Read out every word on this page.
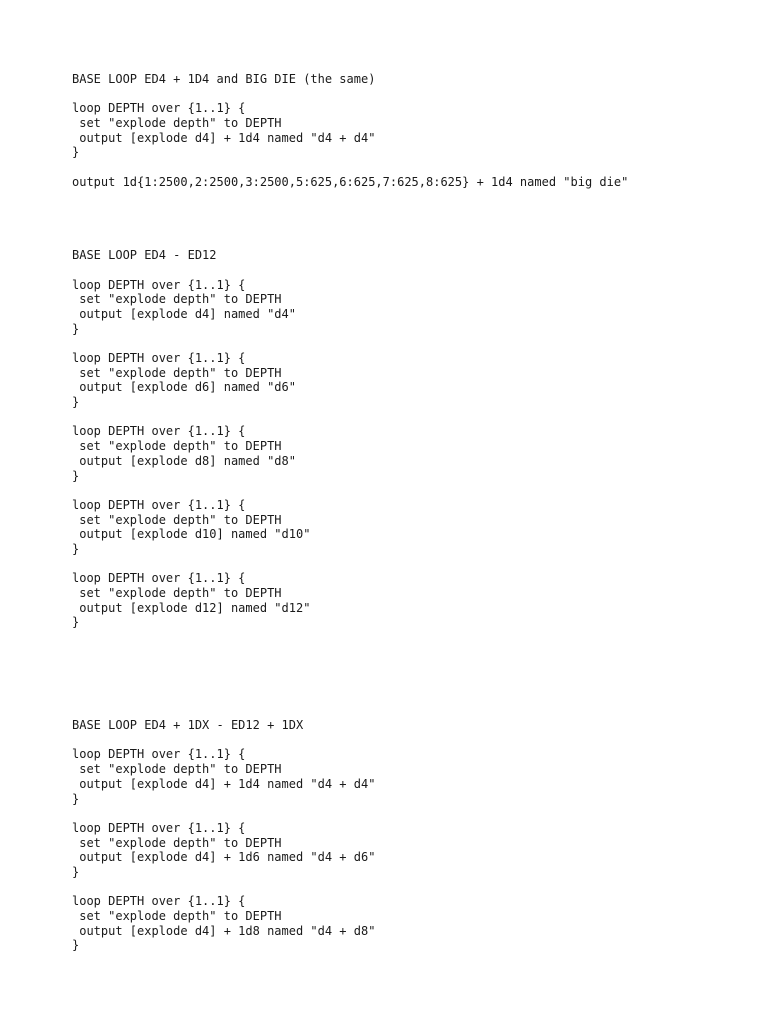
BASE LOOP ED4 + 1D4 and BIG DIE (the same)
loop DEPTH over {1..1} {
set "explode depth" to DEPTH
output [explode d4] + 1d4 named "d4 + d4"
}
output 1d{1:2500,2:2500,3:2500,5:625,6:625,7:625,8:625} + 1d4 named "big die"
BASE LOOP ED4 - ED12
loop DEPTH over {1..1} {
set "explode depth" to DEPTH
output [explode d4] named "d4"
}
loop DEPTH over {1..1} {
set "explode depth" to DEPTH
output [explode d6] named "d6"
}
loop DEPTH over {1..1} {
set "explode depth" to DEPTH
output [explode d8] named "d8"
}
loop DEPTH over {1..1} {
set "explode depth" to DEPTH
output [explode d10] named "d10"
}
loop DEPTH over {1..1} {
set "explode depth" to DEPTH
output [explode d12] named "d12"
}
BASE LOOP ED4 + 1DX - ED12 + 1DX
loop DEPTH over {1..1} {
set "explode depth" to DEPTH
output [explode d4] + 1d4 named "d4 + d4"
}
loop DEPTH over {1..1} {
set "explode depth" to DEPTH
output [explode d4] + 1d6 named "d4 + d6"
}
loop DEPTH over {1..1} {
set "explode depth" to DEPTH
output [explode d4] + 1d8 named "d4 + d8"
}
